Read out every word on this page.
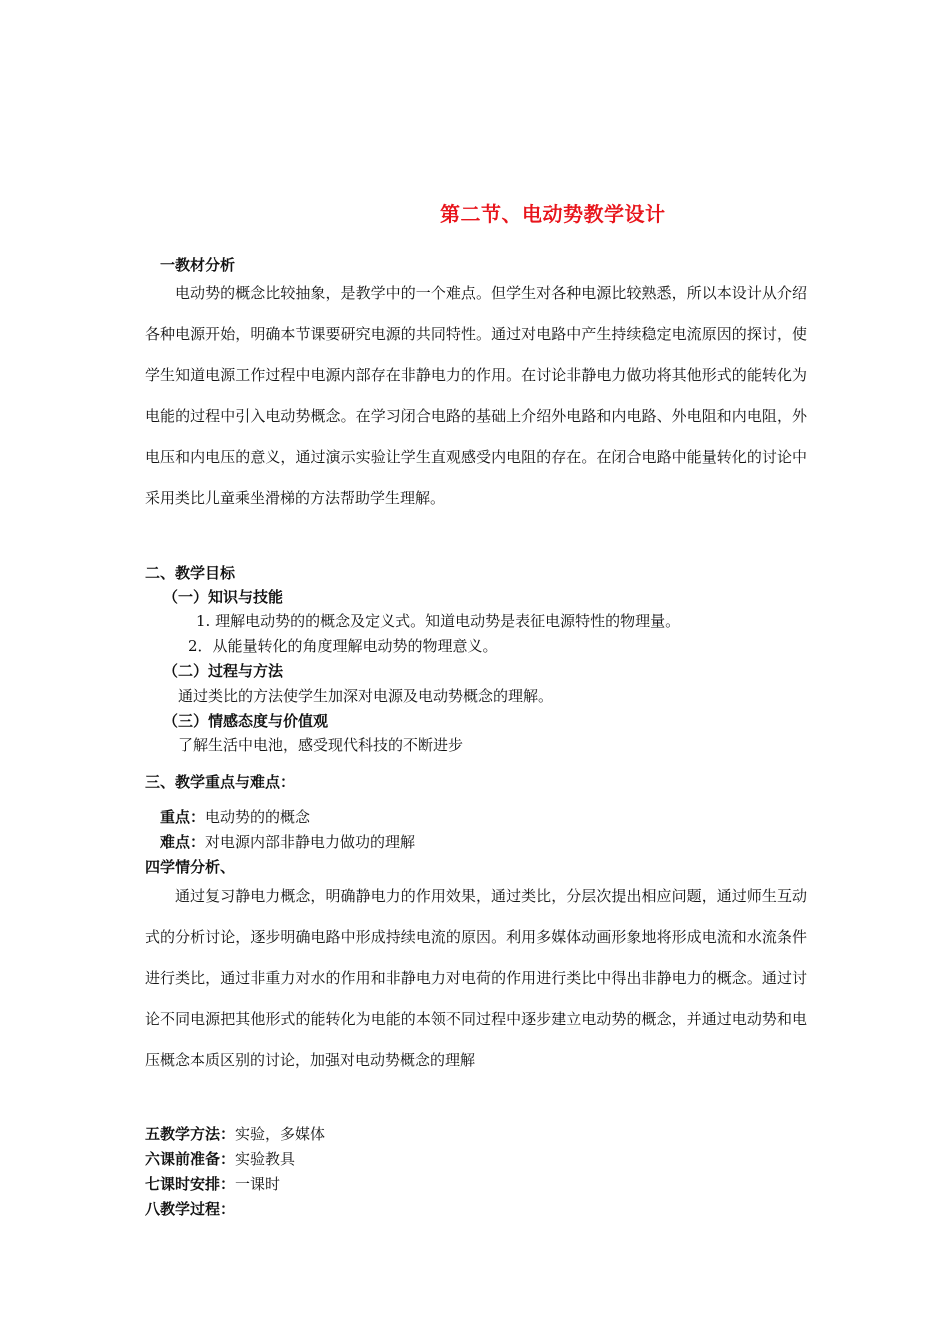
第二节、电动势教学设计
一教材分析

电动势的概念比较抽象，是教学中的一个难点。但学生对各种电源比较熟悉，所以本设计从介绍各种电源开始，明确本节课要研究电源的共同特性。通过对电路中产生持续稳定电流原因的探讨，使学生知道电源工作过程中电源内部存在非静电力的作用。在讨论非静电力做功将其他形式的能转化为电能的过程中引入电动势概念。在学习闭合电路的基础上介绍外电路和内电路、外电阻和内电阻，外电压和内电压的意义，通过演示实验让学生直观感受内电阻的存在。在闭合电路中能量转化的讨论中采用类比儿童乘坐滑梯的方法帮助学生理解。

二、教学目标
（一）知识与技能
1. 理解电动势的的概念及定义式。知道电动势是表征电源特性的物理量。
2．从能量转化的角度理解电动势的物理意义。
（二）过程与方法
通过类比的方法使学生加深对电源及电动势概念的理解。
（三）情感态度与价值观
了解生活中电池，感受现代科技的不断进步
三、教学重点与难点：
重点：电动势的的概念
难点：对电源内部非静电力做功的理解
四学情分析、

通过复习静电力概念，明确静电力的作用效果，通过类比，分层次提出相应问题，通过师生互动式的分析讨论，逐步明确电路中形成持续电流的原因。利用多媒体动画形象地将形成电流和水流条件进行类比，通过非重力对水的作用和非静电力对电荷的作用进行类比中得出非静电力的概念。通过讨论不同电源把其他形式的能转化为电能的本领不同过程中逐步建立电动势的概念，并通过电动势和电压概念本质区别的讨论，加强对电动势概念的理解

五教学方法：实验，多媒体
六课前准备：实验教具
七课时安排：一课时
八教学过程：
